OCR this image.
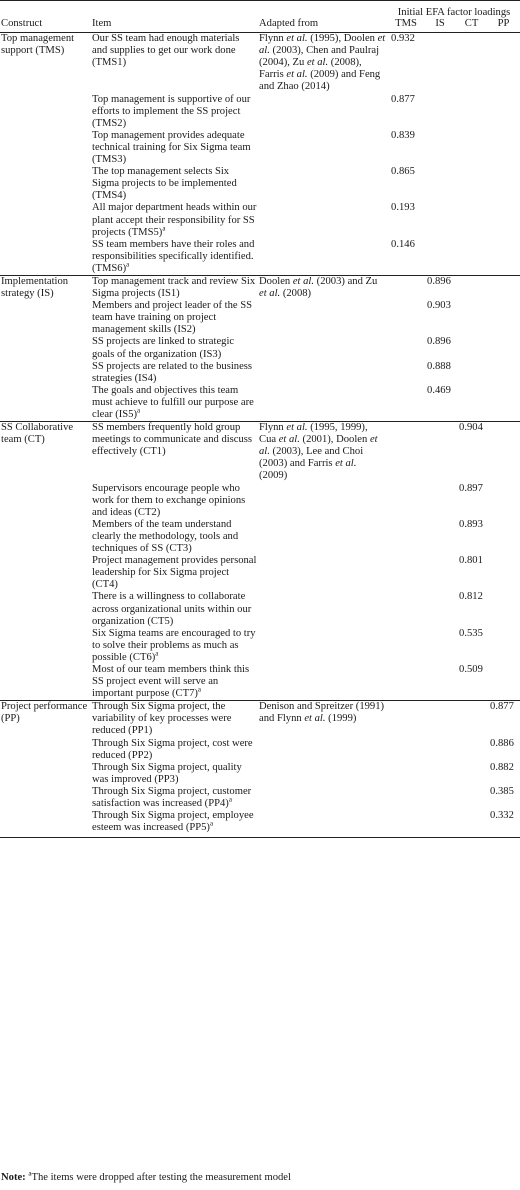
			Initial EFA factor loadings			
Construct	Item	Adapted from	TMS	IS	CT	PP
Top management support (TMS)	Our SS team had enough materials and supplies to get our work done (TMS1)	Flynn et al. (1995), Doolen et al. (2003), Chen and Paulraj (2004), Zu et al. (2008), Farris et al. (2009) and Feng and Zhao (2014)	0.932			
	Top management is supportive of our efforts to implement the SS project (TMS2)		0.877			
	Top management provides adequate technical training for Six Sigma team (TMS3)		0.839			
	The top management selects Six Sigma projects to be implemented (TMS4)		0.865			
	All major department heads within our plant accept their responsibility for SS projects $(TMS5)^a$		0.193			
	SS team members have their roles and responsibilities specifically identified. $(TMS6)^a$		0.146			
Implementation strategy (IS)	Top management track and review Six Sigma projects (IS1)	Doolen et al. (2003) and Zu et al. (2008)		0.896		
	Members and project leader of the SS team have training on project management skills (IS2)			0.903		
	SS projects are linked to strategic goals of the organization (IS3)			0.896		
	SS projects are related to the business strategies (IS4)			0.888		
	The goals and objectives this team must achieve to fulfill our purpose are clear $(IS5)^a$			0.469		
SS Collaborative team (CT)	SS members frequently hold group meetings to communicate and discuss effectively (CT1)	Flynn et al. (1995, 1999), Cua et al. (2001), Doolen et al. (2003), Lee and Choi (2003) and Farris et al. (2009)			0.904	
	Supervisors encourage people who work for them to exchange opinions and ideas (CT2)				0.897	
	Members of the team understand clearly the methodology, tools and techniques of SS (CT3)				0.893	
	Project management provides personal leadership for Six Sigma project (CT4)				0.801	
	There is a willingness to collaborate across organizational units within our organization (CT5)				0.812	
	Six Sigma teams are encouraged to try to solve their problems as much as possible $(CT6)^a$				0.535	
	Most of our team members think this SS project event will serve an important purpose $(CT7)^a$				0.509	
Project performance (PP)	Through Six Sigma project, the variability of key processes were reduced (PP1)	Denison and Spreitzer (1991) and Flynn et al. (1999)				0.877
	Through Six Sigma project, cost were reduced (PP2)					0.886
	Through Six Sigma project, quality was improved (PP3)					0.882
	Through Six Sigma project, customer satisfaction was increased $(PP4)^a$					0.385
	Through Six Sigma project, employee esteem was increased $(PP5)^a$					0.332
Note: $^a$The items were dropped after testing the measurement model
